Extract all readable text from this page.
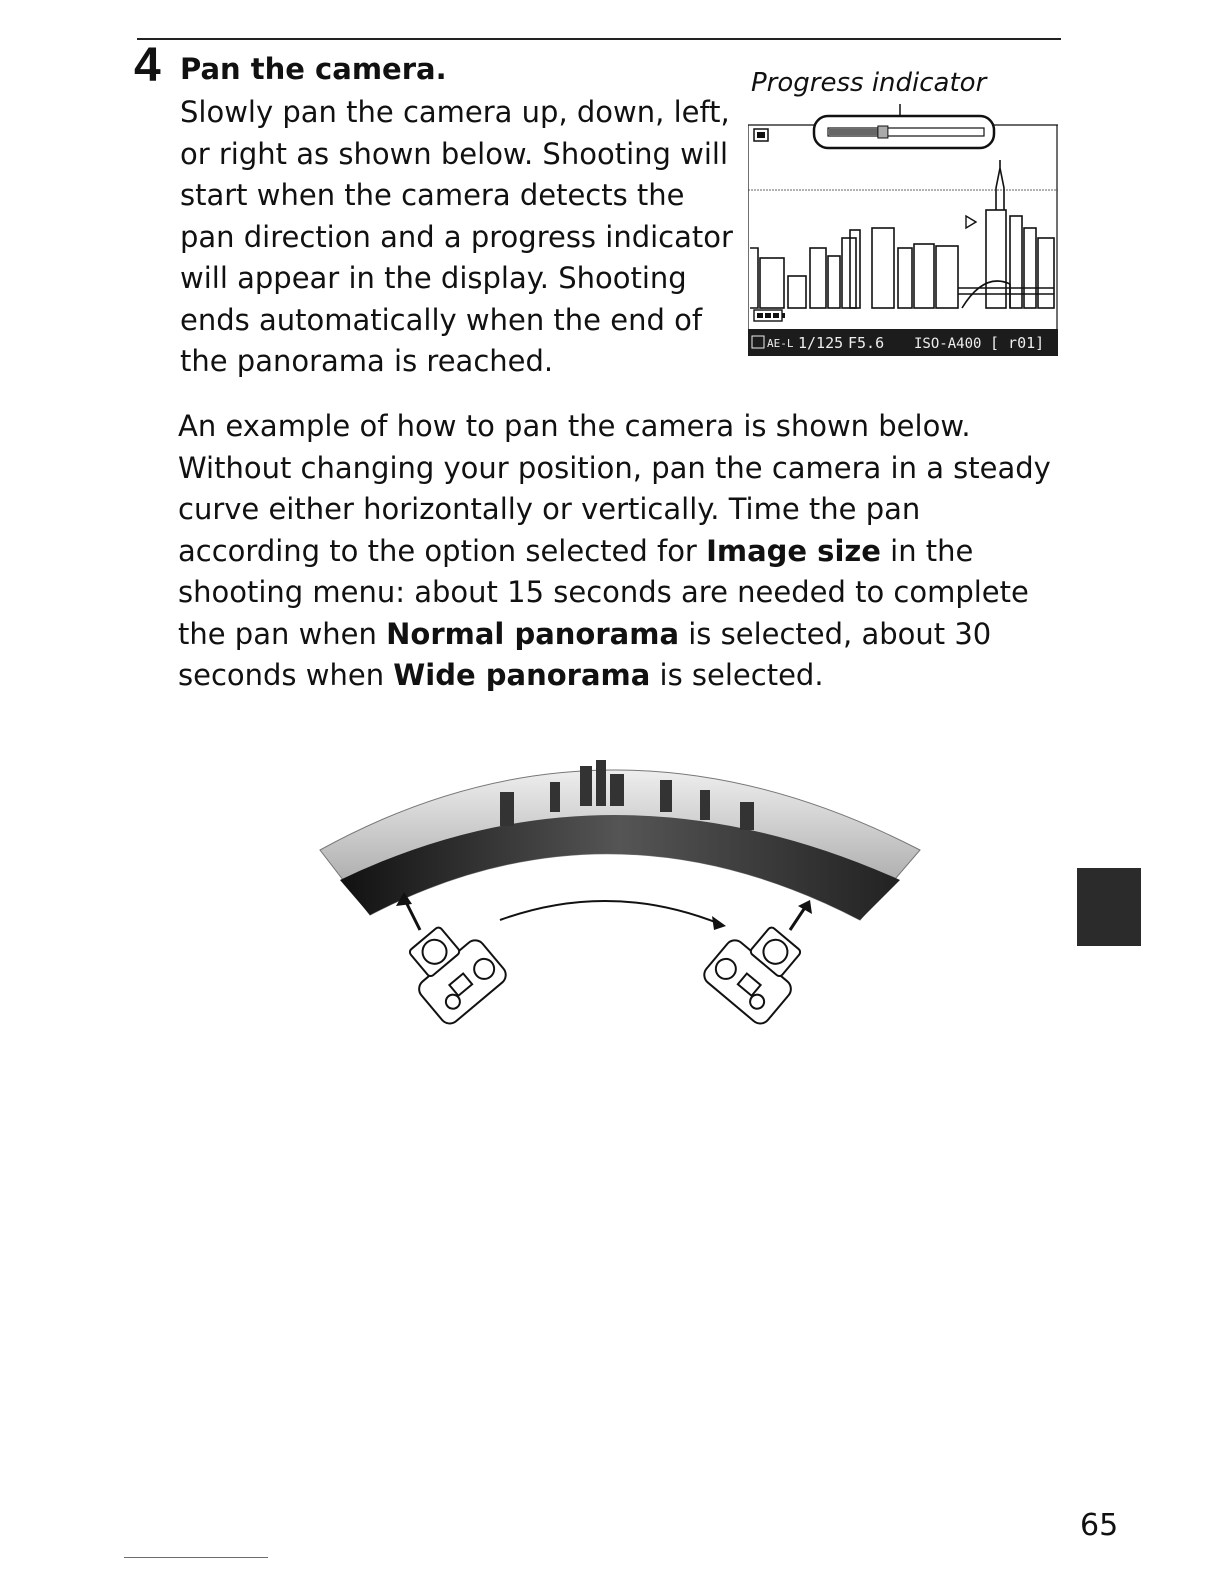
4 Pan the camera.

Slowly pan the camera up, down, left, or right as shown below. Shooting will start when the camera detects the pan direction and a progress indicator will appear in the display. Shooting ends automatically when the end of the panorama is reached.

Progress indicator
AE-L 1/125 F5.6 ISO-A400 [ r01]

An example of how to pan the camera is shown below. Without changing your position, pan the camera in a steady curve either horizontally or vertically. Time the pan according to the option selected for Image size in the shooting menu: about 15 seconds are needed to complete the pan when Normal panorama is selected, about 30 seconds when Wide panorama is selected.

65
